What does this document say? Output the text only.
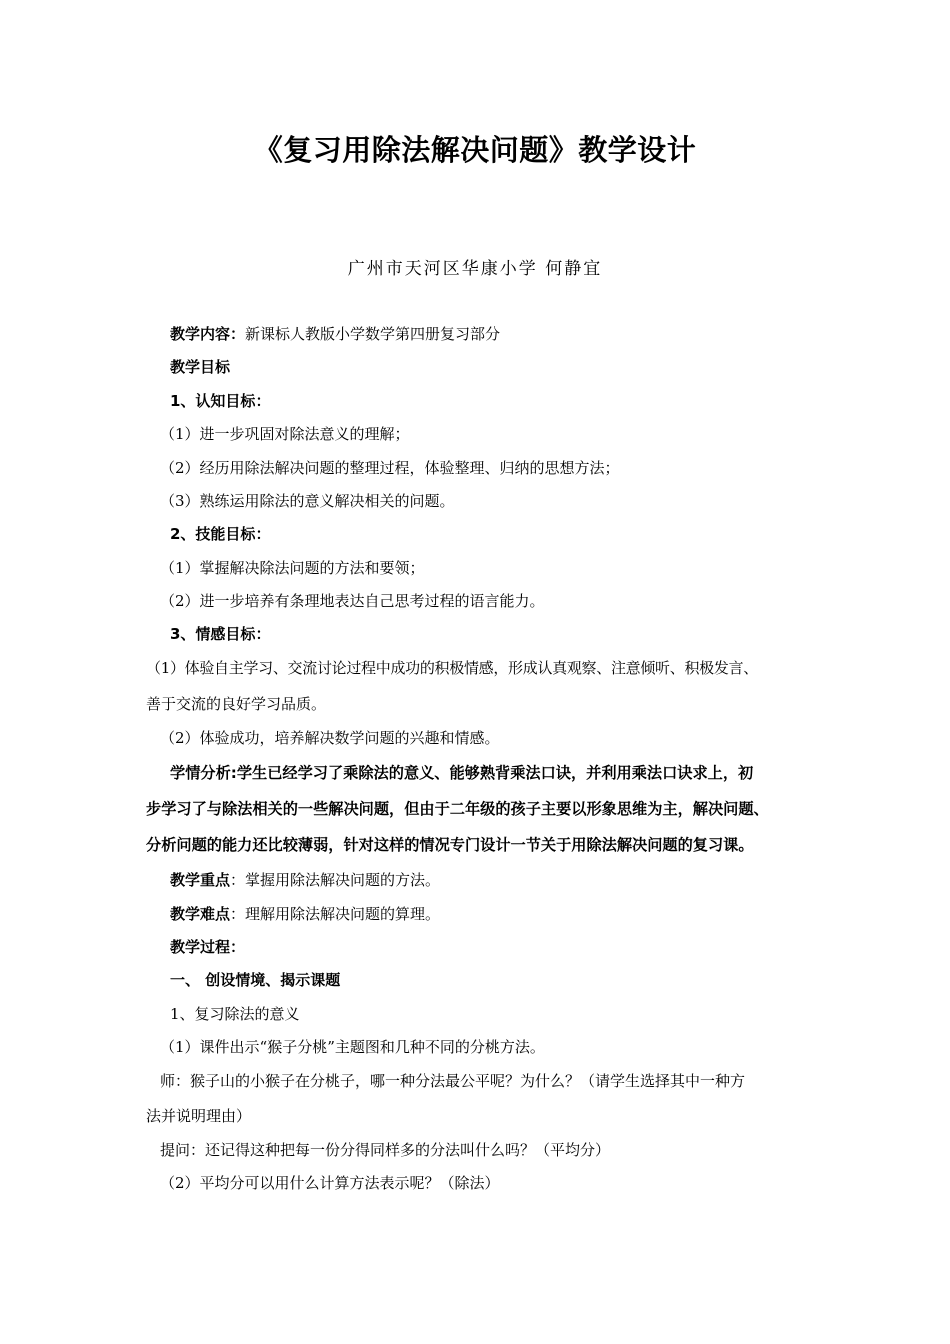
《复习用除法解决问题》教学设计
广州市天河区华康小学 何静宜
教学内容：新课标人教版小学数学第四册复习部分
教学目标
1、认知目标：
（1）进一步巩固对除法意义的理解；
（2）经历用除法解决问题的整理过程，体验整理、归纳的思想方法；
（3）熟练运用除法的意义解决相关的问题。
2、技能目标：
（1）掌握解决除法问题的方法和要领；
（2）进一步培养有条理地表达自己思考过程的语言能力。
3、情感目标：
（1）体验自主学习、交流讨论过程中成功的积极情感，形成认真观察、注意倾听、积极发言、
善于交流的良好学习品质。
（2）体验成功，培养解决数学问题的兴趣和情感。
学情分析:学生已经学习了乘除法的意义、能够熟背乘法口诀，并利用乘法口诀求上，初
步学习了与除法相关的一些解决问题，但由于二年级的孩子主要以形象思维为主，解决问题、
分析问题的能力还比较薄弱，针对这样的情况专门设计一节关于用除法解决问题的复习课。
教学重点：掌握用除法解决问题的方法。
教学难点：理解用除法解决问题的算理。
教学过程：
一、 创设情境、揭示课题
1、复习除法的意义
（1）课件出示“猴子分桃”主题图和几种不同的分桃方法。
师：猴子山的小猴子在分桃子，哪一种分法最公平呢？为什么？（请学生选择其中一种方
法并说明理由）
提问：还记得这种把每一份分得同样多的分法叫什么吗？（平均分）
（2）平均分可以用什么计算方法表示呢？（除法）
